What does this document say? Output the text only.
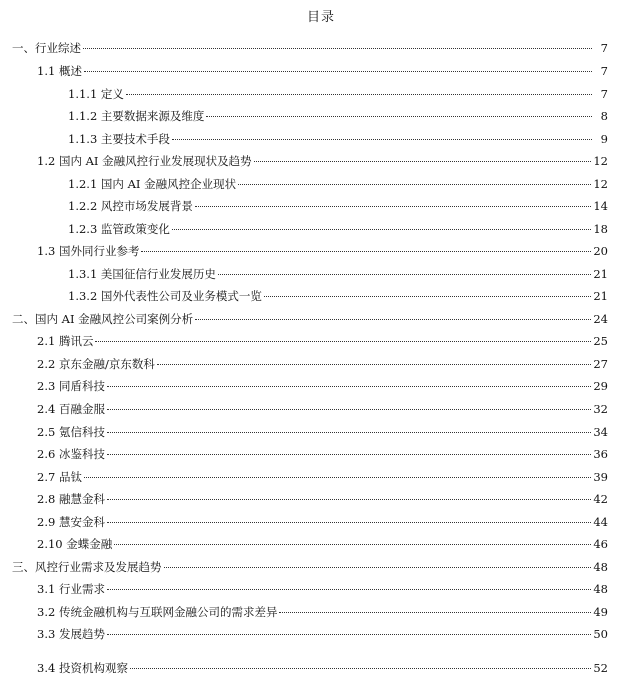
目录
一、行业综述	7
1.1 概述	7
1.1.1 定义	7
1.1.2 主要数据来源及维度	8
1.1.3 主要技术手段	9
1.2 国内 AI 金融风控行业发展现状及趋势	12
1.2.1 国内 AI 金融风控企业现状	12
1.2.2 风控市场发展背景	14
1.2.3 监管政策变化	18
1.3 国外同行业参考	20
1.3.1 美国征信行业发展历史	21
1.3.2 国外代表性公司及业务模式一览	21
二、国内 AI 金融风控公司案例分析	24
2.1 腾讯云	25
2.2 京东金融/京东数科	27
2.3 同盾科技	29
2.4 百融金服	32
2.5 氪信科技	34
2.6 冰鉴科技	36
2.7 品钛	39
2.8 融慧金科	42
2.9 慧安金科	44
2.10 金蝶金融	46
三、风控行业需求及发展趋势	48
3.1 行业需求	48
3.2 传统金融机构与互联网金融公司的需求差异	49
3.3 发展趋势	50
3.4 投资机构观察	52
